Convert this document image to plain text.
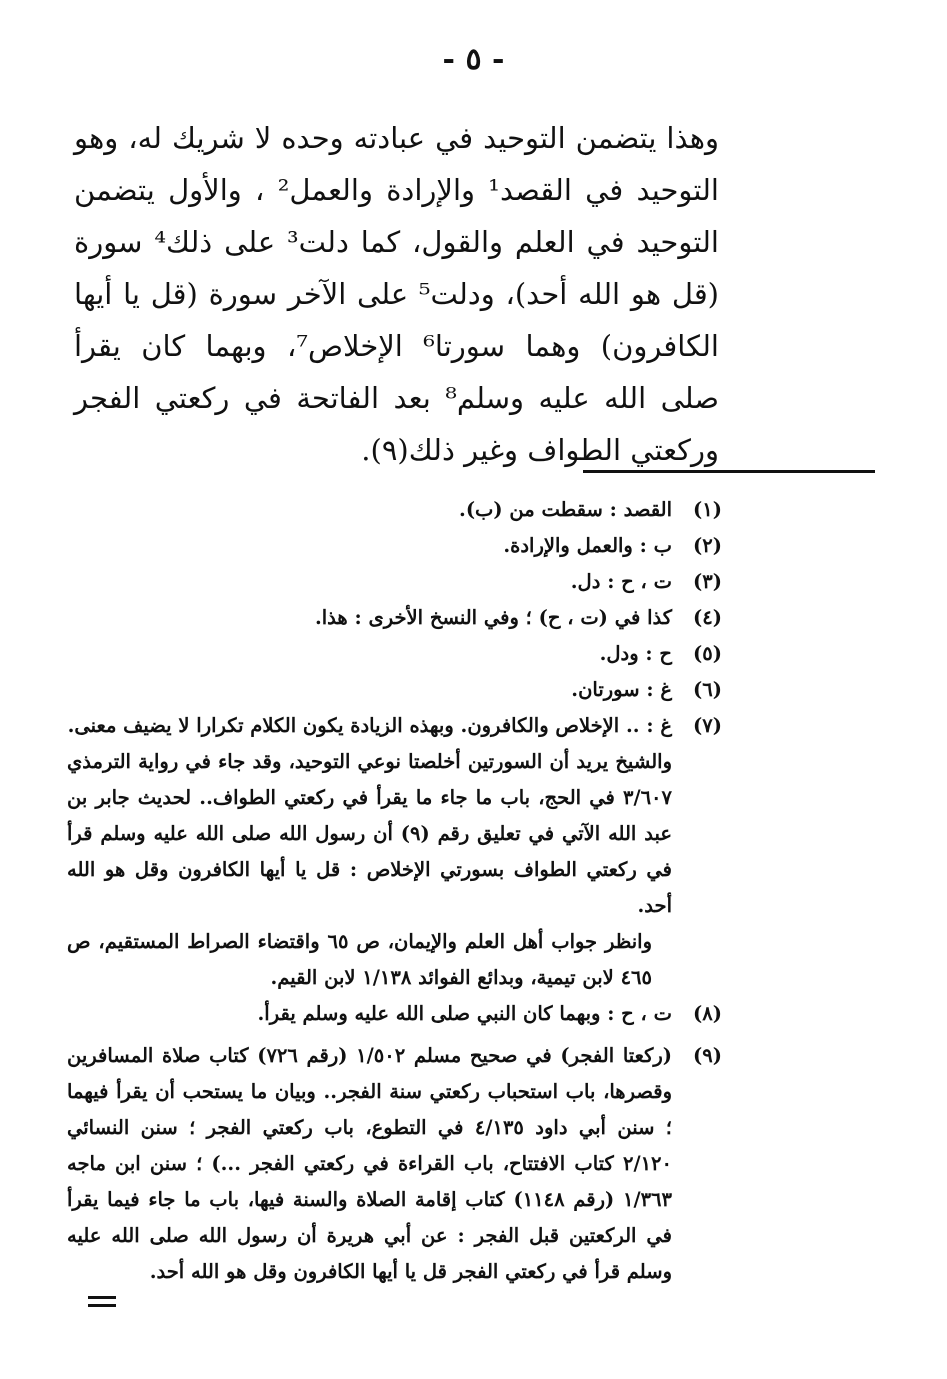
- ٥ -

وهذا يتضمن التوحيد في عبادته وحده لا شريك له، وهو التوحيد في القصد¹ والإرادة والعمل² ، والأول يتضمن التوحيد في العلم والقول، كما دلت³ على ذلك⁴ سورة (قل هو الله أحد)، ودلت⁵ على الآخر سورة (قل يا أيها الكافرون) وهما سورتا⁶ الإخلاص⁷، وبهما كان يقرأ صلى الله عليه وسلم⁸ بعد الفاتحة في ركعتي الفجر وركعتي الطواف وغير ذلك(٩).

(١)

القصد : سقطت من (ب).

(٢)

ب : والعمل والإرادة.

(٣)

ت ، ح : دل.

(٤)

كذا في (ت ، ح) ؛ وفي النسخ الأخرى : هذا.

(٥)

ح : ودل.

(٦)

غ : سورتان.

(٧)

غ : .. الإخلاص والكافرون. وبهذه الزيادة يكون الكلام تكرارا لا يضيف معنى.

والشيخ يريد أن السورتين أخلصتا نوعي التوحيد، وقد جاء في رواية الترمذي ٣/٦٠٧ في الحج، باب ما جاء ما يقرأ في ركعتي الطواف.. لحديث جابر بن عبد الله الآتي في تعليق رقم (٩) أن رسول الله صلى الله عليه وسلم قرأ في ركعتي الطواف بسورتي الإخلاص : قل يا أيها الكافرون وقل هو الله أحد.

وانظر جواب أهل العلم والإيمان، ص ٦٥ واقتضاء الصراط المستقيم، ص ٤٦٥ لابن تيمية، وبدائع الفوائد ١/١٣٨ لابن القيم.

(٨)

ت ، ح : وبهما كان النبي صلى الله عليه وسلم يقرأ.

(٩)

(ركعتا الفجر) في صحيح مسلم ١/٥٠٢ (رقم ٧٢٦) كتاب صلاة المسافرين وقصرها، باب استحباب ركعتي سنة الفجر.. وبيان ما يستحب أن يقرأ فيهما ؛ سنن أبي داود ٤/١٣٥ في التطوع، باب ركعتي الفجر ؛ سنن النسائي ٢/١٢٠ كتاب الافتتاح، باب القراءة في ركعتي الفجر ...) ؛ سنن ابن ماجه ١/٣٦٣ (رقم ١١٤٨) كتاب إقامة الصلاة والسنة فيها، باب ما جاء فيما يقرأ في الركعتين قبل الفجر : عن أبي هريرة أن رسول الله صلى الله عليه وسلم قرأ في ركعتي الفجر قل يا أيها الكافرون وقل هو الله أحد.
